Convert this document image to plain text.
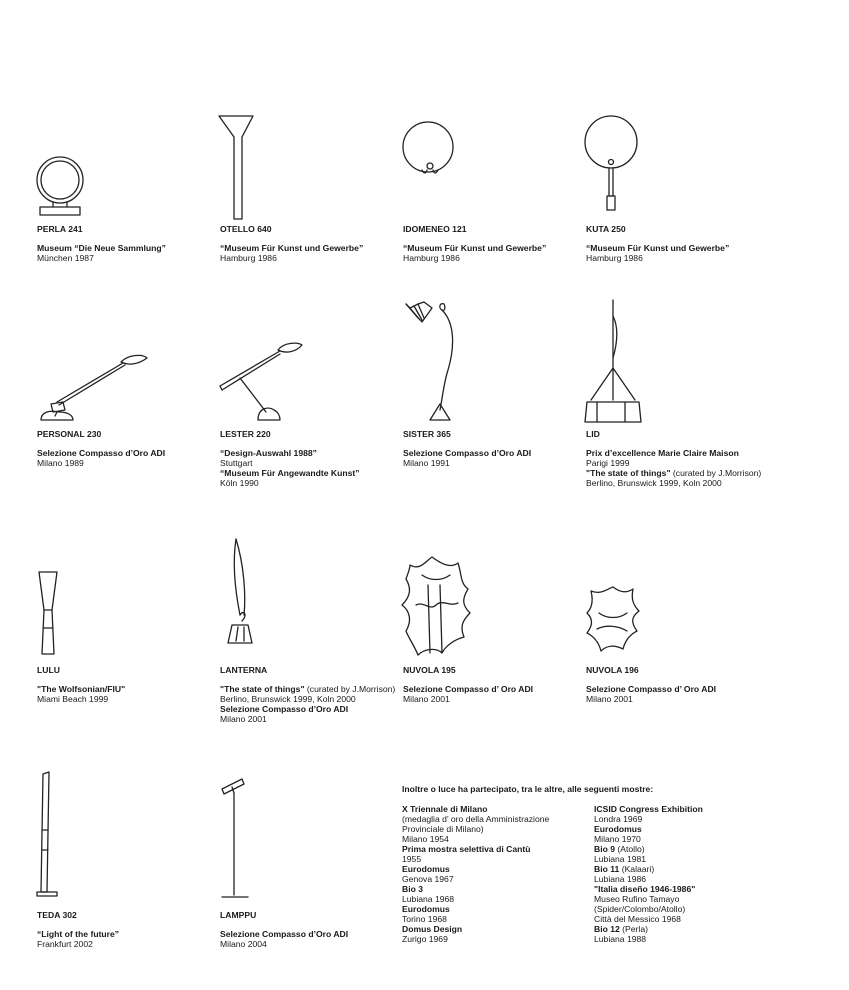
PERLA 241
Museum “Die Neue Sammlung”
München 1987
OTELLO 640
“Museum Für Kunst und Gewerbe”
Hamburg 1986
IDOMENEO 121
“Museum Für Kunst und Gewerbe”
Hamburg 1986
KUTA 250
“Museum Für Kunst und Gewerbe”
Hamburg 1986
PERSONAL 230
Selezione Compasso d’Oro ADI
Milano 1989
LESTER 220
“Design-Auswahl 1988”
Stuttgart
“Museum Für Angewandte Kunst”
Köln 1990
SISTER 365
Selezione Compasso d’Oro ADI
Milano 1991
LID
Prix d’excellence Marie Claire Maison
Parigi 1999
"The state of things" (curated by J.Morrison)
Berlino, Brunswick 1999, Koln 2000
LULU
"The Wolfsonian/FIU"
Miami Beach 1999
LANTERNA
"The state of things" (curated by J.Morrison)
Berlino, Brunswick 1999, Koln 2000
Selezione Compasso d’Oro ADI
Milano 2001
NUVOLA 195
Selezione Compasso d’ Oro ADI
Milano 2001
NUVOLA 196
Selezione Compasso d’ Oro ADI
Milano 2001
TEDA 302
“Light of the future”
Frankfurt 2002
LAMPPU
Selezione Compasso d’Oro ADI
Milano 2004
Inoltre o luce ha partecipato, tra le altre, alle seguenti mostre:
X Triennale di Milano
(medaglia d’ oro della Amministrazione
Provinciale di Milano)
Milano 1954
Prima mostra selettiva di Cantù
1955
Eurodomus
Genova 1967
Bio 3
Lubiana 1968
Eurodomus
Torino 1968
Domus Design
Zurigo 1969
ICSID Congress Exhibition
Londra 1969
Eurodomus
Milano 1970
Bio 9 (Atollo)
Lubiana 1981
Bio 11 (Kalaari)
Lubiana 1986
"Italia diseño 1946-1986"
Museo Rufino Tamayo
(Spider/Colombo/Atollo)
Città del Messico 1968
Bio 12 (Perla)
Lubiana 1988
